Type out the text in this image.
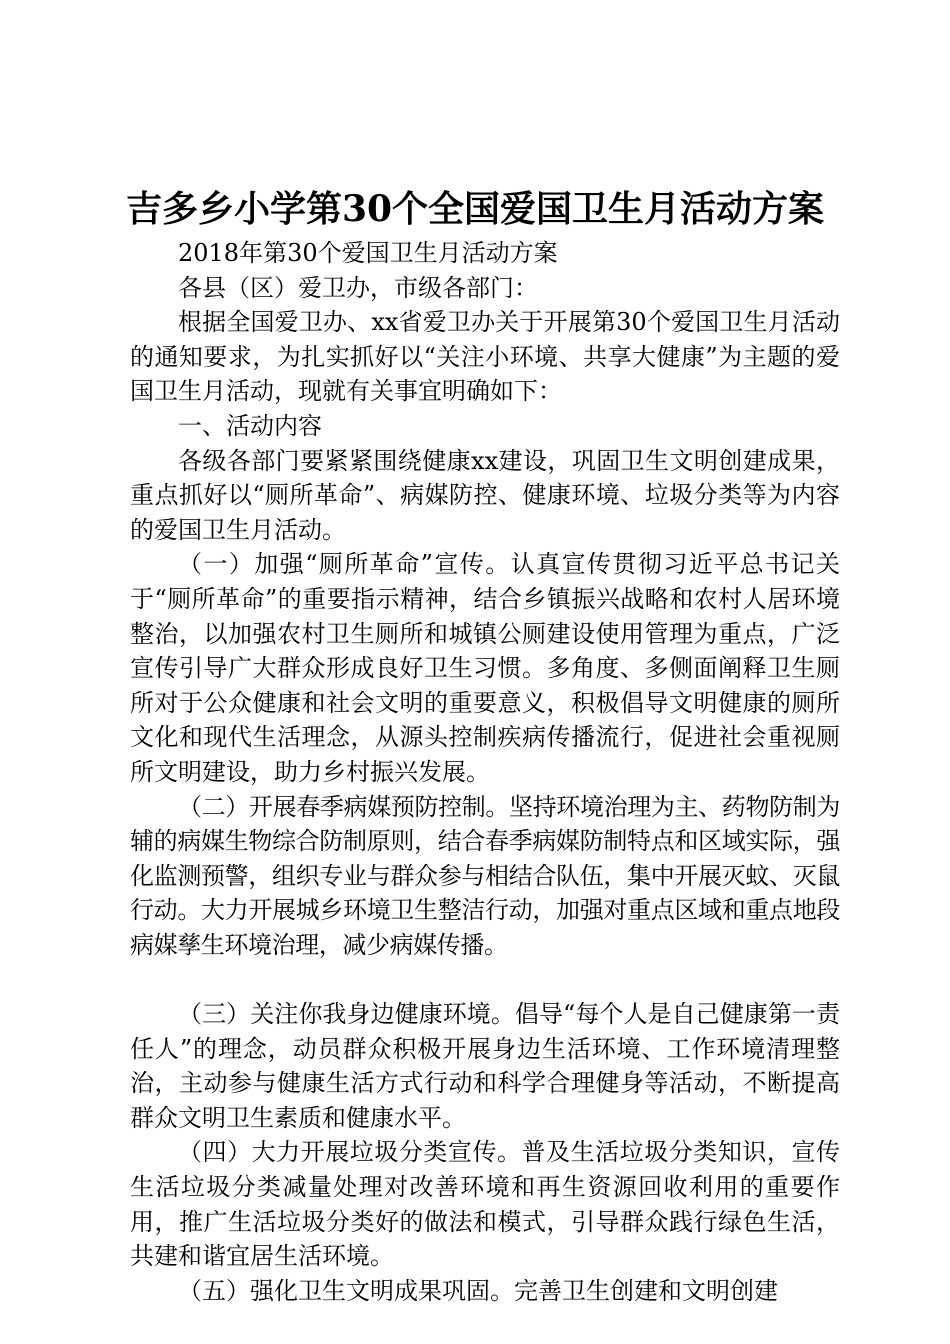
吉多乡小学第30个全国爱国卫生月活动方案

2018年第30个爱国卫生月活动方案

各县（区）爱卫办，市级各部门：

根据全国爱卫办、xx省爱卫办关于开展第30个爱国卫生月活动的通知要求，为扎实抓好以“关注小环境、共享大健康”为主题的爱国卫生月活动，现就有关事宜明确如下：

一、活动内容

各级各部门要紧紧围绕健康xx建设，巩固卫生文明创建成果，重点抓好以“厕所革命”、病媒防控、健康环境、垃圾分类等为内容的爱国卫生月活动。

（一）加强“厕所革命”宣传。认真宣传贯彻习近平总书记关于“厕所革命”的重要指示精神，结合乡镇振兴战略和农村人居环境整治，以加强农村卫生厕所和城镇公厕建设使用管理为重点，广泛宣传引导广大群众形成良好卫生习惯。多角度、多侧面阐释卫生厕所对于公众健康和社会文明的重要意义，积极倡导文明健康的厕所文化和现代生活理念，从源头控制疾病传播流行，促进社会重视厕所文明建设，助力乡村振兴发展。

（二）开展春季病媒预防控制。坚持环境治理为主、药物防制为辅的病媒生物综合防制原则，结合春季病媒防制特点和区域实际，强化监测预警，组织专业与群众参与相结合队伍，集中开展灭蚊、灭鼠行动。大力开展城乡环境卫生整洁行动，加强对重点区域和重点地段病媒孳生环境治理，减少病媒传播。

（三）关注你我身边健康环境。倡导“每个人是自己健康第一责任人”的理念，动员群众积极开展身边生活环境、工作环境清理整治，主动参与健康生活方式行动和科学合理健身等活动，不断提高群众文明卫生素质和健康水平。

（四）大力开展垃圾分类宣传。普及生活垃圾分类知识，宣传生活垃圾分类减量处理对改善环境和再生资源回收利用的重要作用，推广生活垃圾分类好的做法和模式，引导群众践行绿色生活，共建和谐宜居生活环境。

（五）强化卫生文明成果巩固。完善卫生创建和文明创建
